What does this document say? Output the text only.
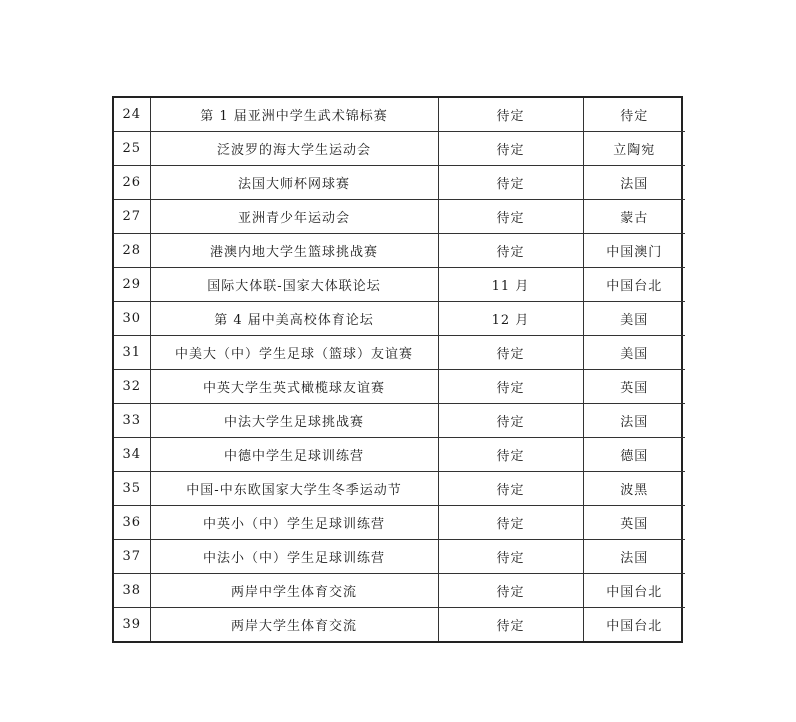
24	第 1 届亚洲中学生武术锦标赛	待定	待定
25	泛波罗的海大学生运动会	待定	立陶宛
26	法国大师杯网球赛	待定	法国
27	亚洲青少年运动会	待定	蒙古
28	港澳内地大学生篮球挑战赛	待定	中国澳门
29	国际大体联-国家大体联论坛	11 月	中国台北
30	第 4 届中美高校体育论坛	12 月	美国
31	中美大（中）学生足球（篮球）友谊赛	待定	美国
32	中英大学生英式橄榄球友谊赛	待定	英国
33	中法大学生足球挑战赛	待定	法国
34	中德中学生足球训练营	待定	德国
35	中国-中东欧国家大学生冬季运动节	待定	波黑
36	中英小（中）学生足球训练营	待定	英国
37	中法小（中）学生足球训练营	待定	法国
38	两岸中学生体育交流	待定	中国台北
39	两岸大学生体育交流	待定	中国台北
